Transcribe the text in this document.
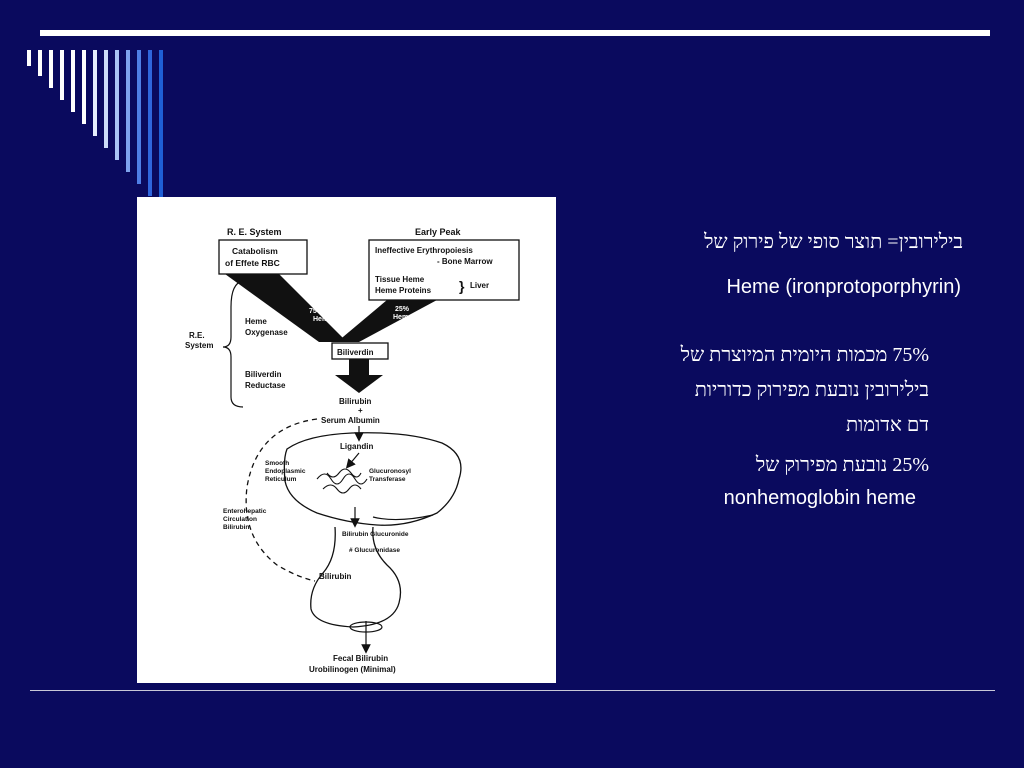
R. E. System	Early Peak
Catabolism
of Effete RBC
Ineffective Erythropoiesis
- Bone Marrow
Tissue Heme
Heme Proteins } Liver
75%
Heme
25%
Heme
R.E.
System
Heme
Oxygenase
Biliverdin
Reductase
Biliverdin
Bilirubin
+
Serum Albumin
Ligandin
Smooth
Endoplasmic
Reticulum
Glucuronosyl
Transferase
Enterohepatic
Circulation
Bilirubin
Bilirubin Glucuronide
# Glucuronidase
Bilirubin
Fecal Bilirubin
Urobilinogen (Minimal)
בילירובין= תוצר סופי של פירוק של
Heme (ironprotoporphyrin)
75% מכמות היומית המיוצרת של
בילירובין נובעת מפירוק כדוריות
דם אדומות
25% נובעת מפירוק של
nonhemoglobin heme
